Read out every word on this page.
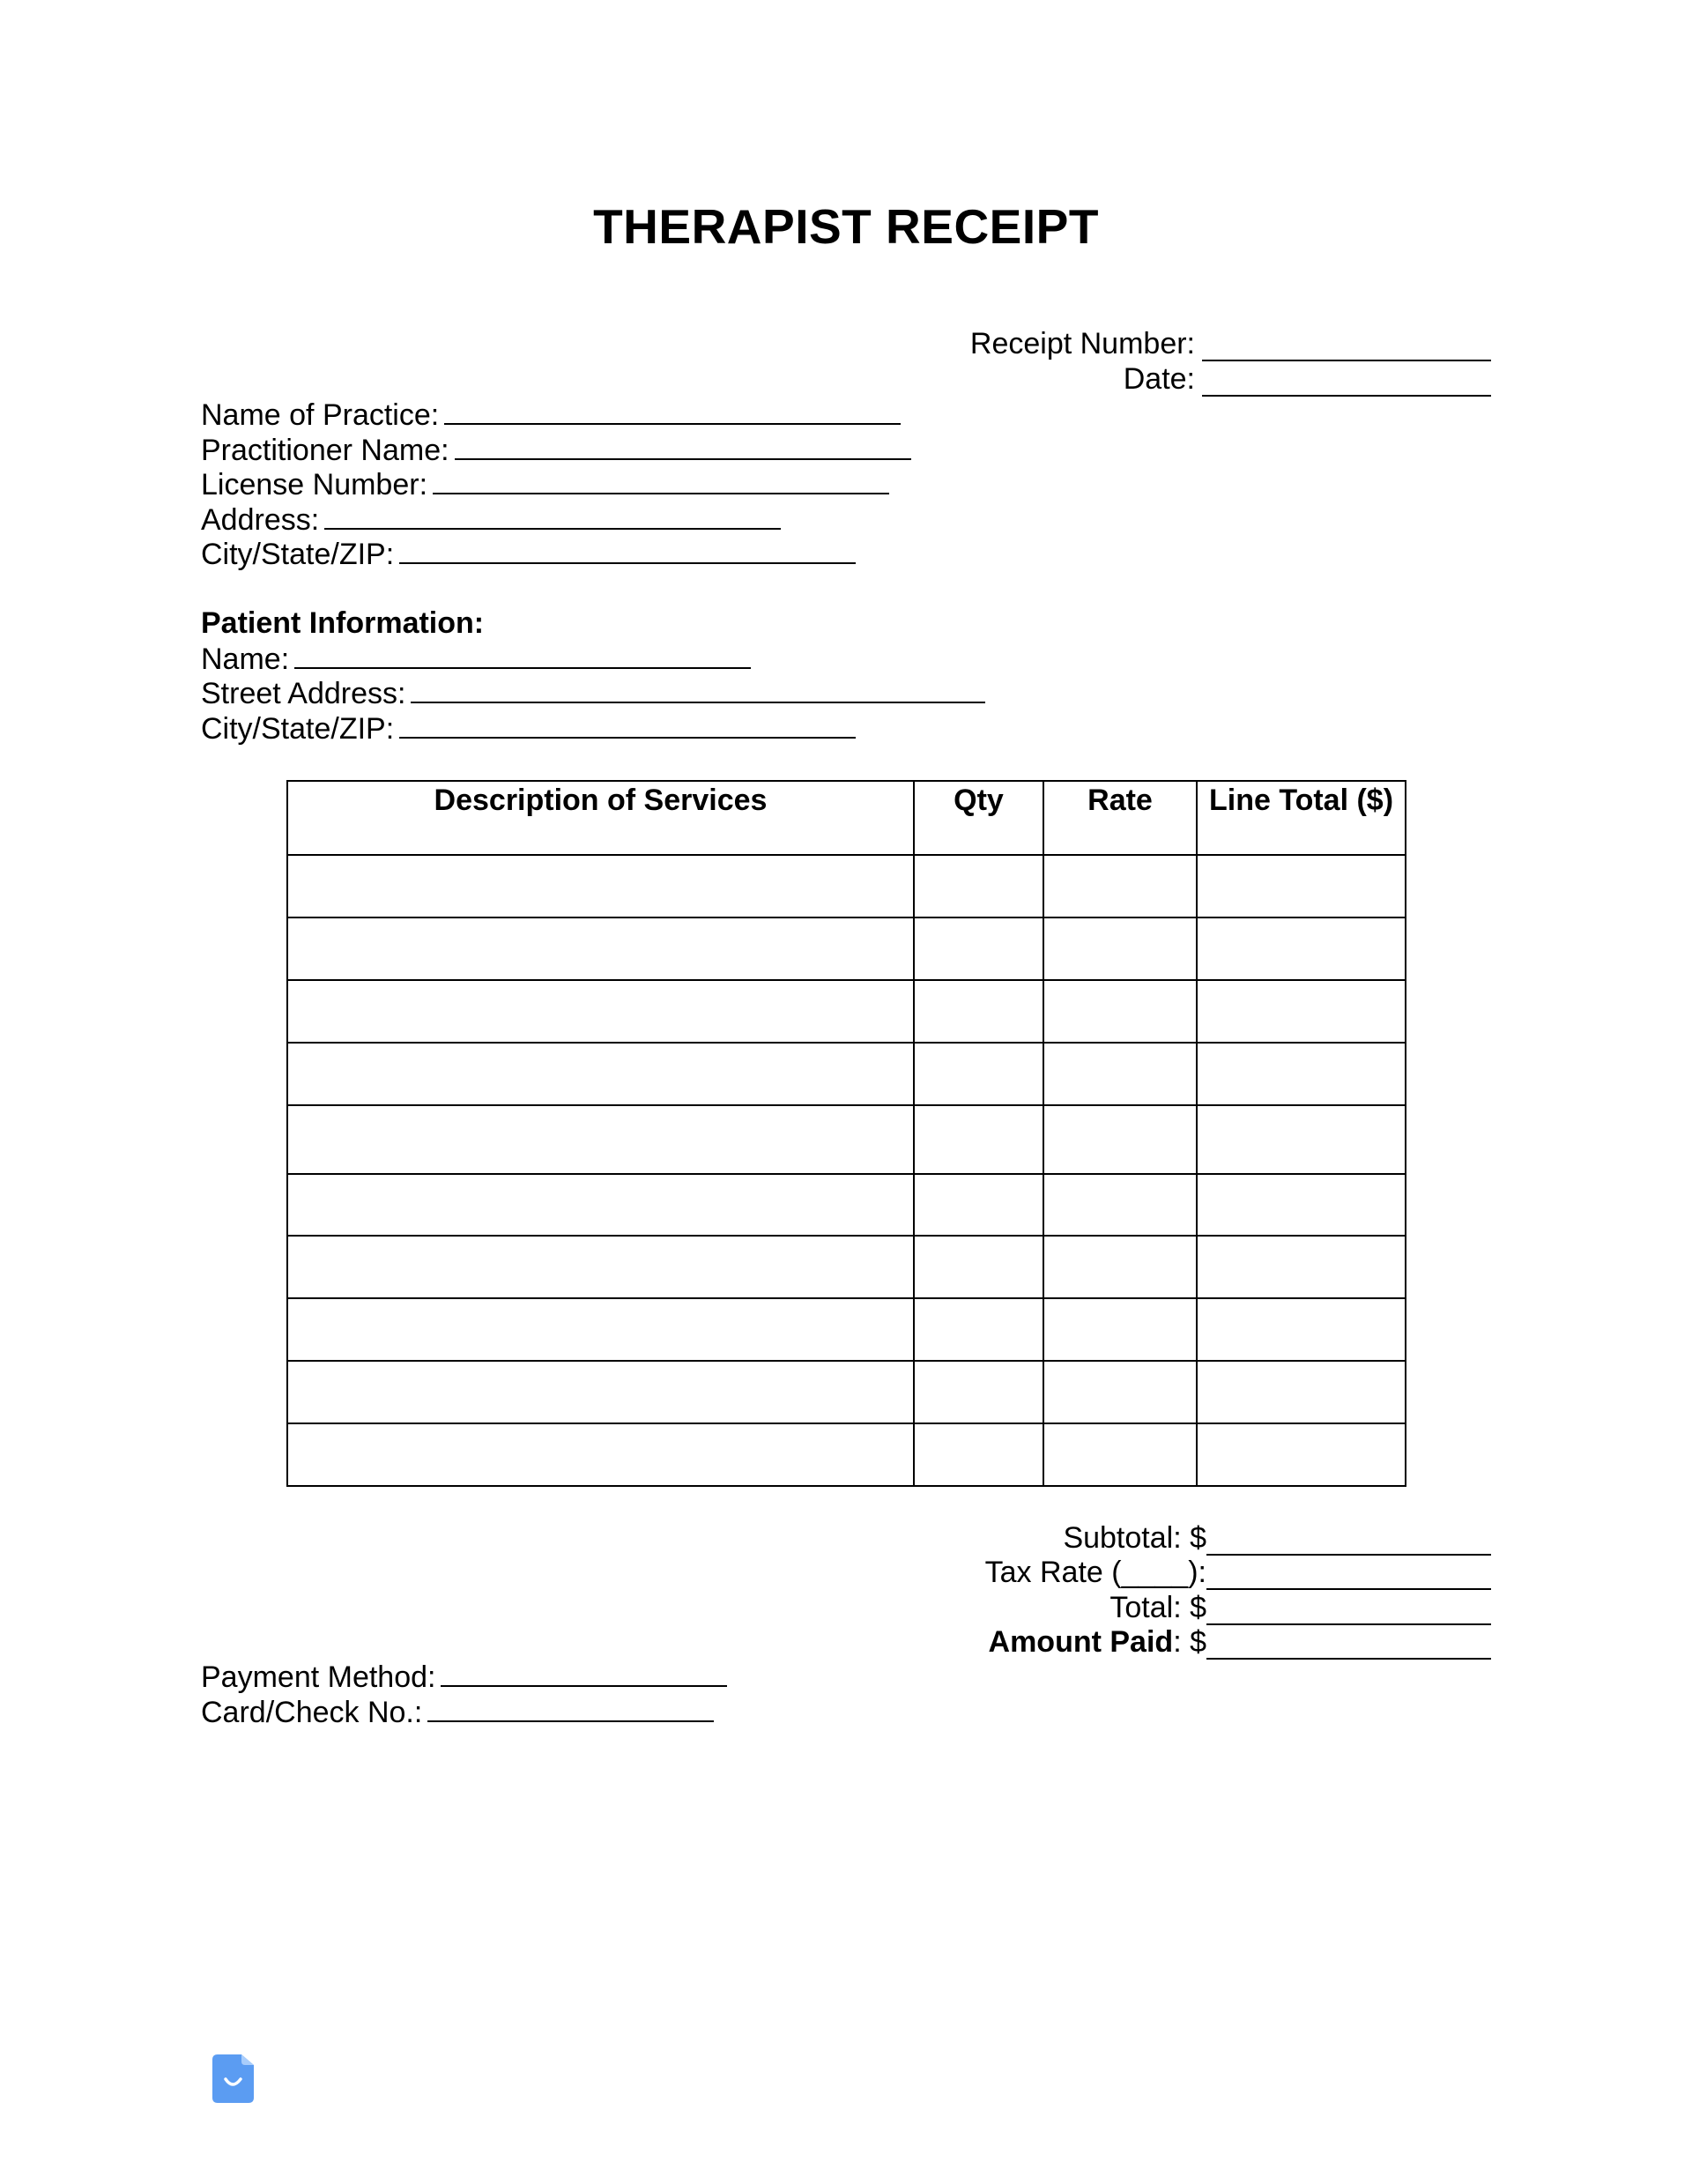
THERAPIST RECEIPT
Receipt Number:
Date:
Name of Practice:
Practitioner Name:
License Number:
Address:
City/State/ZIP:
Patient Information:
Name:
Street Address:
City/State/ZIP:
Description of Services	Qty	Rate	Line Total ($)

Subtotal: $
Tax Rate (____):
Total: $
Amount Paid : $
Payment Method:
Card/Check No.:
